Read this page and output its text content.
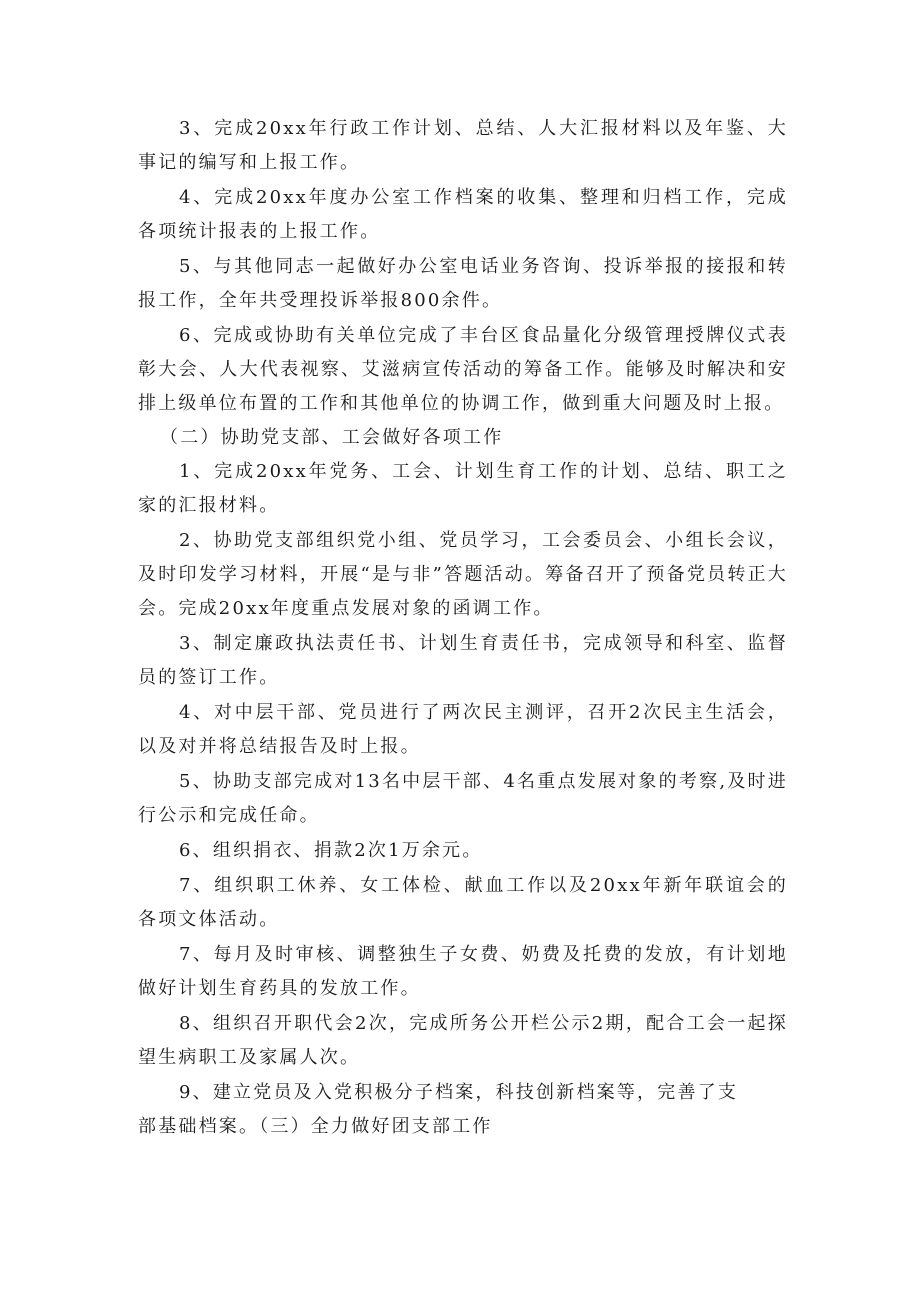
3、完成20xx年行政工作计划、总结、人大汇报材料以及年鉴、大事记的编写和上报工作。

4、完成20xx年度办公室工作档案的收集、整理和归档工作，完成各项统计报表的上报工作。

5、与其他同志一起做好办公室电话业务咨询、投诉举报的接报和转报工作，全年共受理投诉举报800余件。

6、完成或协助有关单位完成了丰台区食品量化分级管理授牌仪式表彰大会、人大代表视察、艾滋病宣传活动的筹备工作。能够及时解决和安排上级单位布置的工作和其他单位的协调工作，做到重大问题及时上报。

（二）协助党支部、工会做好各项工作

1、完成20xx年党务、工会、计划生育工作的计划、总结、职工之家的汇报材料。

2、协助党支部组织党小组、党员学习，工会委员会、小组长会议，及时印发学习材料，开展“是与非”答题活动。筹备召开了预备党员转正大会。完成20xx年度重点发展对象的函调工作。

3、制定廉政执法责任书、计划生育责任书，完成领导和科室、监督员的签订工作。

4、对中层干部、党员进行了两次民主测评，召开2次民主生活会，以及对并将总结报告及时上报。

5、协助支部完成对13名中层干部、4名重点发展对象的考察,及时进行公示和完成任命。

6、组织捐衣、捐款2次1万余元。

7、组织职工休养、女工体检、献血工作以及20xx年新年联谊会的各项文体活动。

7、每月及时审核、调整独生子女费、奶费及托费的发放，有计划地做好计划生育药具的发放工作。

8、组织召开职代会2次，完成所务公开栏公示2期，配合工会一起探望生病职工及家属人次。

9、建立党员及入党积极分子档案，科技创新档案等，完善了支
部基础档案。（三）全力做好团支部工作
